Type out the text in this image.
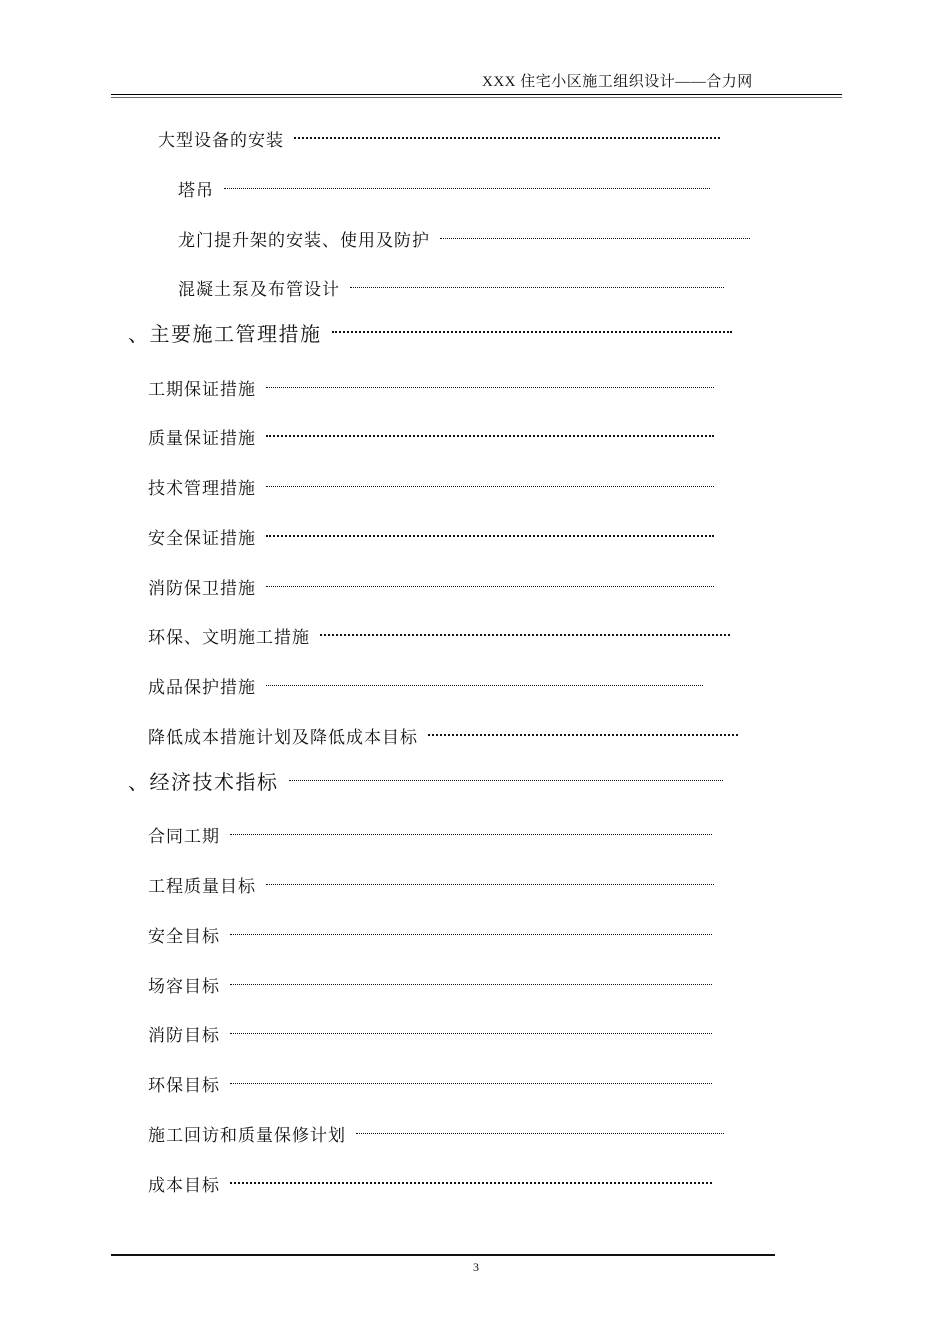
XXX 住宅小区施工组织设计——合力网
大型设备的安装
塔吊
龙门提升架的安装、使用及防护
混凝土泵及布管设计
、主要施工管理措施
工期保证措施
质量保证措施
技术管理措施
安全保证措施
消防保卫措施
环保、文明施工措施
成品保护措施
降低成本措施计划及降低成本目标
、经济技术指标
合同工期
工程质量目标
安全目标
场容目标
消防目标
环保目标
施工回访和质量保修计划
成本目标
3
